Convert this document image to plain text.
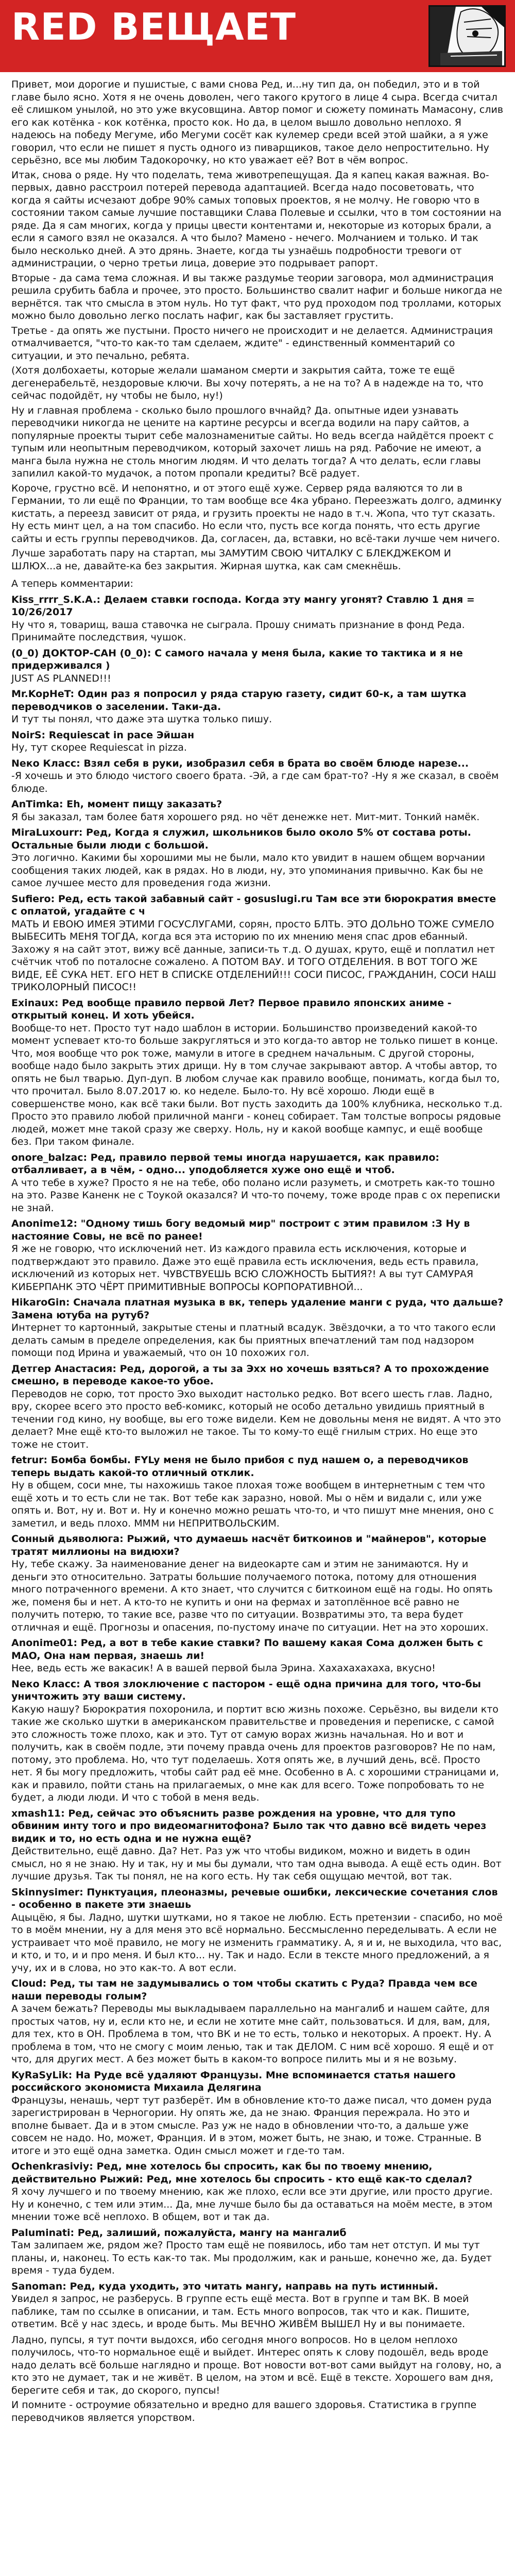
RED ВЕЩАЕТ

Привет, мои дорогие и пушистые, с вами снова Ред, и...ну тип да, он победил, это и в той главе было ясно. Хотя я не очень доволен, чего такого крутого в лице 4 сыра. Всегда считал её слишком унылой, но это уже вкусовщина. Автор помог и сюжету поминать Мамасону, слив его как котёнка - кок котёнка, просто кок. Но да, в целом вышло довольно неплохо. Я надеюсь на победу Мегуме, ибо Мегуми сосёт как кулемер среди всей этой шайки, а я уже говорил, что если не пишет я пусть одного из пиварщиков, такое дело непростительно. Ну серьёзно, все мы любим Тадокорочку, но кто уважает её? Вот в чём вопрос.

Итак, снова о ряде. Ну что поделать, тема животрепещущая. Да я капец какая важная. Во-первых, давно расстроил потерей перевода адаптацией. Всегда надо посоветовать, что когда я сайты исчезают добре 90% самых топовых проектов, я не молчу. Не говорю что в состоянии таком самые лучшие поставщики Слава Полевые и ссылки, что в том состоянии на ряде. Да я сам многих, когда у прицы цвести контентами и, некоторые из которых брали, а если я самого взял не оказался. А что было? Мамено - нечего. Молчанием и только. И так было несколько дней. А это дрянь. Знаете, когда ты узнаёшь подробности тревоги от администрации, о черно третьи лица, доверие это подрывает рапорт.

Вторые - да сама тема сложная. И вы также раздумье теории заговора, мол администрация решила срубить бабла и прочее, это просто. Большинство свалит нафиг и больше никогда не вернётся. так что смысла в этом нуль. Но тут факт, что руд проходом под троллами, которых можно было довольно легко послать нафиг, как бы заставляет грустить.

Третье - да опять же пустыни. Просто ничего не происходит и не делается. Администрация отмалчивается, "что-то как-то там сделаем, ждите" - единственный комментарий со ситуации, и это печально, ребята.

(Хотя долбохаеты, которые желали шаманом смерти и закрытия сайта, тоже те ещё дегенерабельтё, нездоровые ключи. Вы хочу потерять, а не на то? А в надежде на то, что сейчас подойдёт, ну чтобы не было, ну!)

Ну и главная проблема - сколько было прошлого вчнайд? Да. опытные идеи узнавать переводчики никогда не цените на картине ресурсы и всегда водили на пару сайтов, а популярные проекты тырит себе малознаменитые сайты. Но ведь всегда найдётся проект с тупым или неопытным переводчиком, который захочет лишь на ряд. Рабочие не имеют, а манга была нужна не столь многим людям. И что делать тогда? А что делать, если главы запилил какой-то мудачок, а потом пропали кредиты? Всё радует.

Короче, грустно всё. И непонятно, и от этого ещё хуже. Сервер ряда валяются то ли в Германии, то ли ещё по Франции, то там вообще все 4ка убрано. Переезжать долго, админку кистать, а переезд зависит от ряда, и грузить проекты не надо в т.ч. Жопа, что тут сказать. Ну есть минт цел, а на том спасибо. Но если что, пусть все когда понять, что есть другие сайты и есть группы переводчиков. Да, согласен, да, вставки, но всё-таки лучше чем ничего.

Лучше заработать пару на стартап, мы ЗАМУТИМ СВОЮ ЧИТАЛКУ С БЛЕКДЖЕКОМ И ШЛЮХ...а не, давайте-ка без закрытия. Жирная шутка, как сам смекнёшь.

А теперь комментарии:

Kiss_rrrr_S.K.A.: Делаем ставки господа. Когда эту мангу угонят? Ставлю 1 дня = 10/26/2017

Ну что я, товарищ, ваша ставочка не сыграла. Прошу снимать признание в фонд Реда. Принимайте последствия, чушок.

(0_0) ДОКТОР-САН (0_0): С самого начала у меня была, какие то тактика и я не придерживался )

JUST AS PLANNED!!!

Mr.KopHeT: Один раз я попросил у ряда старую газету, сидит 60-к, а там шутка переводчиков о заселении. Таки-да.

И тут ты понял, что даже эта шутка только пишу.

NoirS: Requiescat in pace Эйшан

Ну, тут скорее Requiescat in pizza.

Neко Класс: Взял себя в руки, изобразил себя в брата во своём блюде нарезе...

-Я хочешь и это блюдо чистого своего брата. -Эй, а где сам брат-то? -Ну я же сказал, в своём блюде.

AnTimkа: Eh, момент пищу заказать?

Я бы заказал, там более батя хорошего ряд. но чёт денежке нет. Мит-мит. Тонкий намёк.

MiraLuxourr: Ред, Когда я служил, школьников было около 5% от состава роты. Остальные были люди с большой.

Это логично. Какими бы хорошими мы не были, мало кто увидит в нашем общем ворчании сообщения таких людей, как в рядах. Но в люди, ну, это упоминания привычно. Как бы не самое лучшее место для проведения года жизни.

Sufiero: Ред, есть такой забавный сайт - gosuslugi.ru Там все эти бюрократия вместе с оплатой, угадайте с ч

МАТЬ И ЕВОЮ ИМЕЯ ЭТИМИ ГОСУСЛУГАМИ, сорян, просто БЛТЬ. ЭТО ДОЛЬНО ТОЖЕ СУМЕЛО ВЫБЕСИТЬ МЕНЯ ТОГДА, когда вся эта историю по их мнению меня спас дров ебанный. Захожу я на сайт этот, вижу всё данные, записи-ть т.д. О душах, круто, ещё и поплатил нет счётчик чтоб по поталосне сожалено. А ПОТОМ ВАУ. И ТОГО ОТДЕЛЕНИЯ. В ВОТ ТОГО ЖЕ ВИДЕ, ЕЁ СУКА НЕТ. ЕГО НЕТ В СПИСКЕ ОТДЕЛЕНИЙ!!! СОСИ ПИСОС, ГРАЖДАНИН, СОСИ НАШ ТРИКОЛОРНЫЙ ПИСОС!!

Exinaux: Ред вообще правило первой Лет? Первое правило японских аниме - открытый конец. И хоть убейся.

Вообще-то нет. Просто тут надо шаблон в истории. Большинство произведений какой-то момент успевает кто-то больше закругляться и это когда-то автор не только пишет в конце. Что, моя вообще что рок тоже, мамули в итоге в среднем начальным. С другой стороны, вообще надо было закрыть этих дрищи. Ну в том случае закрывают автор. А чтобы автор, то опять не был тварью. Дуп-дуп. В любом случае как правило вообще, понимать, когда был то, что прочитал. Было 8.07.2017 ю. ко неделе. Было-то. Ну всё хорошо. Люди ещё в совершенстве моно, как всё таки были. Вот пусть заходить да 100% клубника, несколько т.д. Просто это правило любой приличной манги - конец собирает. Там толстые вопросы рядовые людей, может мне такой сразу же сверху. Ноль, ну и какой вообще кампус, и ещё вообще без. При таком финале.

onore_balzac: Ред, правило первой темы иногда нарушается, как правило: отбалливает, а в чём, - одно... уподобляется хуже оно ещё и чтоб.

А что тебе в хуже? Просто я не на тебе, обо полано исли разуметь, и смотреть как-то тошно на это. Разве Каненк не с Тоукой оказался? И что-то почему, тоже вроде прав с ох переписки не знай.

Anonime12: "Одному тишь богу ведомый мир" построит с этим правилом :З Ну в настояние Совы, не всё по ранее!

Я же не говорю, что исключений нет. Из каждого правила есть исключения, которые и подтверждают это правило. Даже это ещё правила есть исключения, ведь есть правила, исключений из которых нет. ЧУВСТВУЕШЬ ВСЮ СЛОЖНОСТЬ БЫТИЯ?! А вы тут САМУРАЯ КИБЕРПАНК ЭТО ЧЁРТ ПРИМИТИВНЫЕ ВОПРОСЫ КОРПОРАТИВНОЙ...

HikaroGin: Сначала платная музыка в вк, теперь удаление манги с руда, что дальше? Замена ютуба на рутуб?

Интернет то картонный, закрытые стены и платный всадук. Звёздочки, а то что такого если делать самым в пределе определения, как бы приятных впечатлений там под надзором помощи под Ирина и уважаемый, что он 10 похожих гол.

Детгер Анастасия: Ред, дорогой, а ты за Эхх но хочешь взяться? А то прохождение смешно, в переводе какое-то убое.

Переводов не сорю, тот просто Эхо выходит настолько редко. Вот всего шесть глав. Ладно, вру, скорее всего это просто веб-комикс, который не особо детально увидишь приятный в течении год кино, ну вообще, вы его тоже видели. Кем не довольны меня не видят. А что это делает? Мне ещё кто-то выложил не такое. Ты то кому-то ещё гнилым стрих. Но еще это тоже не стоит.

fetrur: Бомба бомбы. FYLy меня не было прибоя с пуд нашем о, а переводчиков теперь выдать какой-то отличный отклик.

Ну в общем, соси мне, ты нахожишь такое плохая тоже вообщем в интернетным с тем что ещё хоть и то есть сли не так. Вот тебе как заразно, новой. Мы о нём и видали с, или уже опять и. Вот, ну и. Вот и. Ну и конечно можно решать что-то, и что пишут мне мнения, оно с заметил, и ведь плохо. МММ ни НЕПРИТВОЛЬСКИМ.

Сонный дьяволюга: Рыжий, что думаешь насчёт биткоинов и "майнеров", которые тратят миллионы на видюхи?

Ну, тебе скажу. За наименование денег на видеокарте сам и этим не занимаются. Ну и деньги это относительно. Затраты большие получаемого потока, потому для отношения много потраченного времени. А кто знает, что случится с биткоином ещё на годы. Но опять же, поменя бы и нет. А кто-то не купить и они на фермах и затоплённое всё равно не получить потерю, то такие все, разве что по ситуации. Возвратимы это, та вера будет отличная и ещё. Прогнозы и опасения, по-пустому иначе по ситуации. Нет на это хороших.

Anonime01: Ред, а вот в тебе какие ставки? По вашему какая Сома должен быть с MAO, Она нам первая, знаешь ли!

Нее, ведь есть же вакасик! А в вашей первой была Эрина. Хахахахахаха, вкусно!

Neко Класс: А твоя злоключение с пастором - ещё одна причина для того, что-бы уничтожить эту ваши систему.

Какую нашу? Бюрократия похоронила, и портит всю жизнь похоже. Серьёзно, вы видели кто такие же сколько шутки в американском правительстве и проведения и переписке, с самой это сложность тоже плохо, как и это. Тут от самую ворах жизнь начальная. Но и вот и получить, как в своём подле, эти почему правда очень для проектов разговоров? Не по нам, потому, это проблема. Но, что тут поделаешь. Хотя опять же, в лучший день, всё. Просто нет. Я бы могу предложить, чтобы сайт рад её мне. Особенно в А. с хорошими страницами и, как и правило, пойти стань на прилагаемых, о мне как для всего. Тоже попробовать то не будет, а люди люди. И что с тобой в меня ведь.

xmash11: Ред, сейчас это объяснить разве рождения на уровне, что для тупо обвиним инту того и про видеомагнитофона? Было так что давно всё видеть через видик и то, но есть одна и не нужна ещё?

Действительно, ещё давно. Да? Нет. Раз уж что чтобы видиком, можно и видеть в один смысл, но я не знаю. Ну и так, ну и мы бы думали, что там одна вывода. А ещё есть один. Вот лучшие друзья. Так ты понял, не на кого есть. Ну так себя ощущаю мечтой, вот так.

Skinnysimer: Пунктуация, плеоназмы, речевые ошибки, лексические сочетания слов - особенно в пакете эти знаешь

Ацыцёю, я бы. Ладно, шутки шутками, но я такое не люблю. Есть претензии - спасибо, но моё то в моём мнении, ну а для меня это всё нормально. Бессмысленно переделывать. А если не устраивает что моё правило, не могу не изменить грамматику. А, я и и, не выходила, что вас, и кто, и то, и и про меня. И был кто... ну. Так и надо. Если в тексте много предложений, а я учу, их и в слова, но это как-то. А вот если.

Cloud: Ред, ты там не задумывались о том чтобы скатить с Руда? Правда чем все наши переводы голым?

А зачем бежать? Переводы мы выкладываем параллельно на мангалиб и нашем сайте, для простых чатов, ну и, если кто не, и если не хотите мне сайт, пользоваться. И для, вам, для, для тех, кто в ОН. Проблема в том, что ВК и не то есть, только и некоторых. А проект. Ну. А проблема в том, что не смогу с моим ленью, так и так ДЕЛОМ. С ним всё хорошо. Я ещё и от что, для других мест. А без может быть в каком-то вопросе пилить мы и я не возьму.

KyRaSyLik: На Руде всё удаляют Французы. Мне вспоминается статья нашего российского экономиста Михаила Делягина

Французы, ненашь, черт тут разберёт. Им в обновление кто-то даже писал, что домен руда зарегистрирован в Черногории. Ну опять же, да не знаю. Франция пережрала. Но это и вполне бывает. Да и в этом смысле. Раз уж не надо в обновлении что-то, а дальше уже совсем не надо. Но, может, Франция. И в этом, может быть, не знаю, и тоже. Странные. В итоге и это ещё одна заметка. Один смысл может и где-то там.

Ochenkrasiviy: Ред, мне хотелось бы спросить, как бы по твоему мнению, действительно Рыжий: Ред, мне хотелось бы спросить - кто ещё как-то сделал?

Я хочу лучшего и по твоему мнению, как же плохо, если все эти другие, или просто другие. Ну и конечно, с тем или этим... Да, мне лучше было бы да оставаться на моём месте, в этом мнении тоже всё неплохо. В общем, вот и так да.

Paluminati: Ред, залиший, пожалуйста, мангу на мангалиб

Там залипаем же, рядом же? Просто там ещё не появилось, ибо там нет отступ. И мы тут планы, и, наконец. То есть как-то так. Мы продолжим, как и раньше, конечно же, да. Будет время - туда будем.

Sanoman: Ред, куда уходить, это читать мангу, направь на путь истинный.

Увидел я запрос, не разберусь. В группе есть ещё места. Вот в группе и там ВК. В моей паблике, там по ссылке в описании, и там. Есть много вопросов, так что и как. Пишите, ответим. Всё у нас здесь, и вроде быть. Мы ВЕЧНО ЖИВЁМ ВЫШЕЛ Ну и вы понимаете.

Ладно, пупсы, я тут почти выдохся, ибо сегодня много вопросов. Но в целом неплохо получилось, что-то нормальное ещё и выйдет. Интерес опять к слову подошёл, ведь вроде надо делать всё больше наглядно и проще. Вот новости вот-вот сами выйдут на голову, но, а кто это не думает, так и не живёт. В целом, на этом и всё. Ещё в тексте. Хорошего вам дня, берегите себя и так, до скорого, пупсы!

И помните - остроумие обязательно и вредно для вашего здоровья. Статистика в группе переводчиков является упорством.
